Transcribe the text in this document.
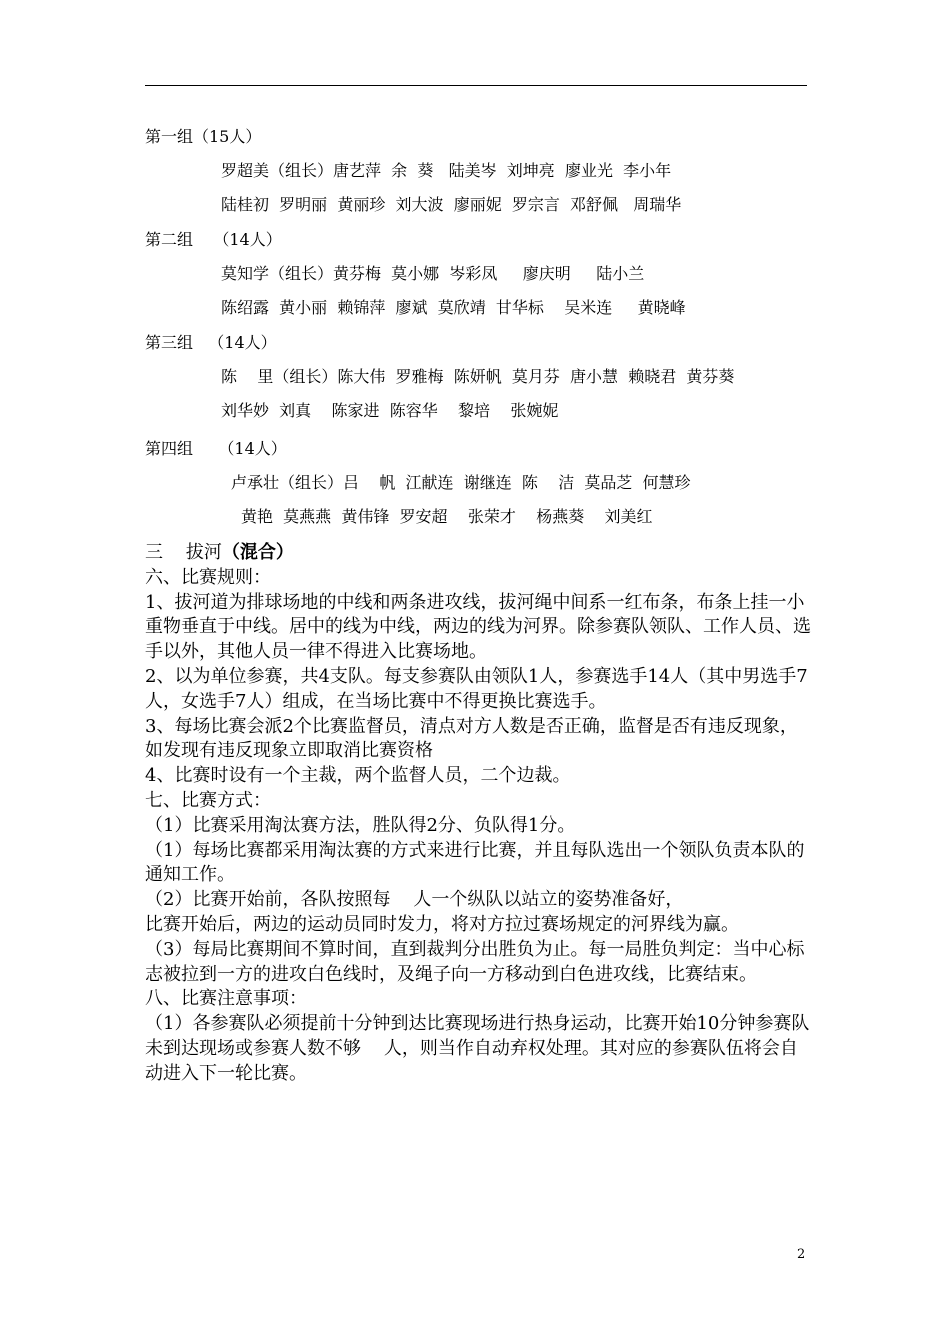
第一组（15人）
罗超美（组长）唐艺萍  余  葵   陆美岑  刘坤亮  廖业光  李小年
陆桂初  罗明丽  黄丽珍  刘大波  廖丽妮  罗宗言  邓舒佩   周瑞华
第二组    （14人）
莫知学（组长）黄芬梅  莫小娜  岑彩凤     廖庆明     陆小兰
陈绍露  黄小丽  赖锦萍  廖斌  莫欣靖  甘华标    吴米连     黄晓峰
第三组   （14人）
陈    里（组长）陈大伟  罗雅梅  陈妍帆  莫月芬  唐小慧  赖晓君  黄芬葵
刘华妙  刘真    陈家进  陈容华    黎培    张婉妮
第四组     （14人）
卢承壮（组长）吕    帆  江献连  谢继连  陈    洁  莫品芝  何慧珍
黄艳  莫燕燕  黄伟锋  罗安超    张荣才    杨燕葵    刘美红

三    拔河（混合）

六、比赛规则：

1、拔河道为排球场地的中线和两条进攻线，拔河绳中间系一红布条，布条上挂一小重物垂直于中线。居中的线为中线，两边的线为河界。除参赛队领队、工作人员、选手以外，其他人员一律不得进入比赛场地。

2、以为单位参赛，共4支队。每支参赛队由领队1人，参赛选手14人（其中男选手7人，女选手7人）组成，在当场比赛中不得更换比赛选手。

3、每场比赛会派2个比赛监督员，清点对方人数是否正确，监督是否有违反现象，如发现有违反现象立即取消比赛资格

4、比赛时设有一个主裁，两个监督人员，二个边裁。

七、比赛方式：

（1）比赛采用淘汰赛方法，胜队得2分、负队得1分。

（1）每场比赛都采用淘汰赛的方式来进行比赛，并且每队选出一个领队负责本队的通知工作。

（2）比赛开始前，各队按照每    人一个纵队以站立的姿势准备好，

比赛开始后，两边的运动员同时发力，将对方拉过赛场规定的河界线为赢。

（3）每局比赛期间不算时间，直到裁判分出胜负为止。每一局胜负判定：当中心标志被拉到一方的进攻白色线时，及绳子向一方移动到白色进攻线，比赛结束。

八、比赛注意事项：

（1）各参赛队必须提前十分钟到达比赛现场进行热身运动，比赛开始10分钟参赛队未到达现场或参赛人数不够    人，则当作自动弃权处理。其对应的参赛队伍将会自动进入下一轮比赛。

2
